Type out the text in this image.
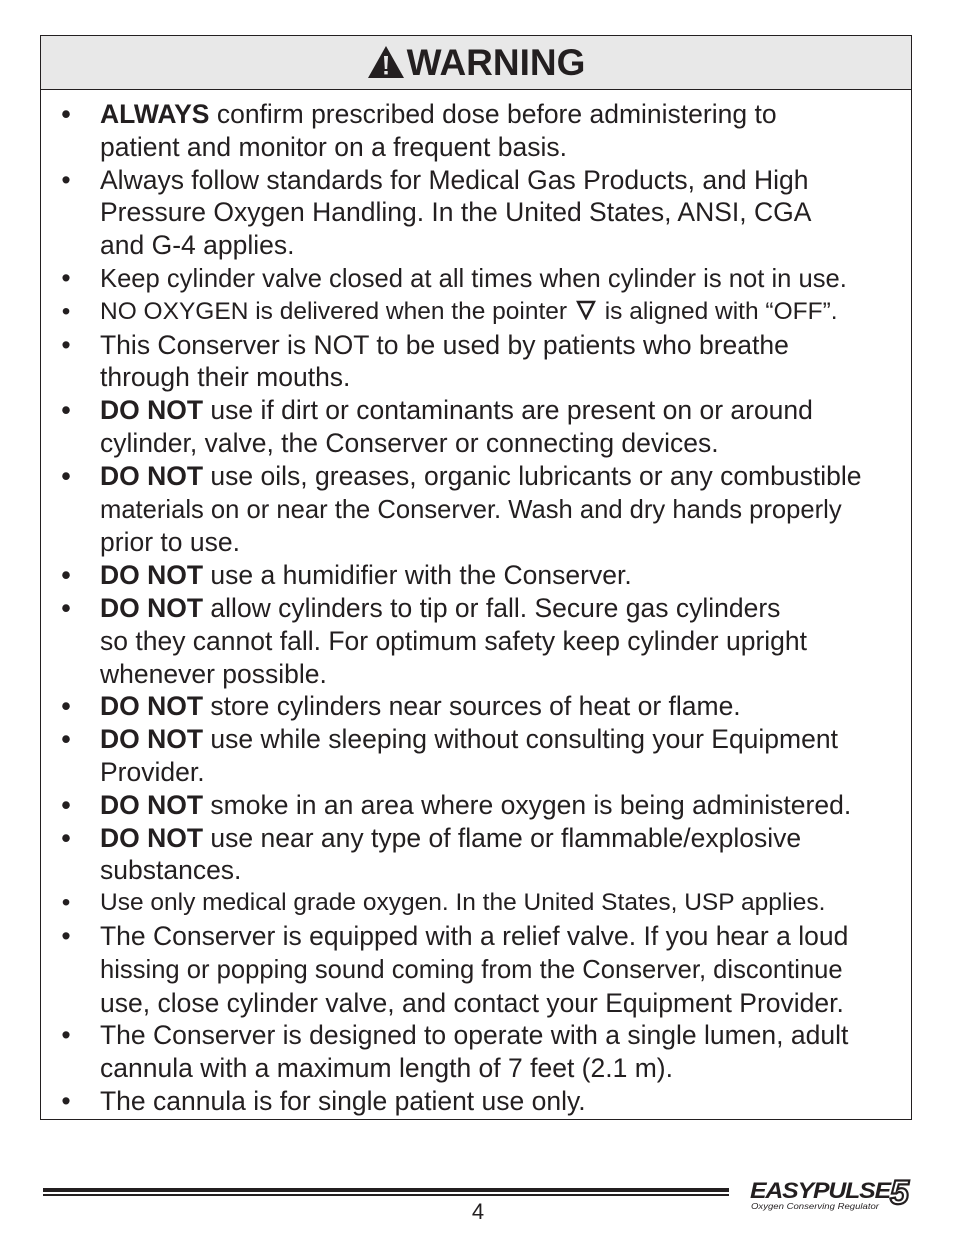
WARNING
• ALWAYS confirm prescribed dose before administering to
patient and monitor on a frequent basis.
• Always follow standards for Medical Gas Products, and High
Pressure Oxygen Handling. In the United States, ANSI, CGA
and G-4 applies.
• Keep cylinder valve closed at all times when cylinder is not in use.
• NO OXYGEN is delivered when the pointer is aligned with “OFF”.
• This Conserver is NOT to be used by patients who breathe
through their mouths.
• DO NOT use if dirt or contaminants are present on or around
cylinder, valve, the Conserver or connecting devices.
• DO NOT use oils, greases, organic lubricants or any combustible
materials on or near the Conserver. Wash and dry hands properly
prior to use.
• DO NOT use a humidifier with the Conserver.
• DO NOT allow cylinders to tip or fall. Secure gas cylinders
so they cannot fall. For optimum safety keep cylinder upright
whenever possible.
• DO NOT store cylinders near sources of heat or flame.
• DO NOT use while sleeping without consulting your Equipment
Provider.
• DO NOT smoke in an area where oxygen is being administered.
• DO NOT use near any type of flame or flammable/explosive
substances.
• Use only medical grade oxygen. In the United States, USP applies.
• The Conserver is equipped with a relief valve. If you hear a loud
hissing or popping sound coming from the Conserver, discontinue
use, close cylinder valve, and contact your Equipment Provider.
• The Conserver is designed to operate with a single lumen, adult
cannula with a maximum length of 7 feet (2.1 m).
• The cannula is for single patient use only.
4
EASYPULSE
5
Oxygen Conserving Regulator
